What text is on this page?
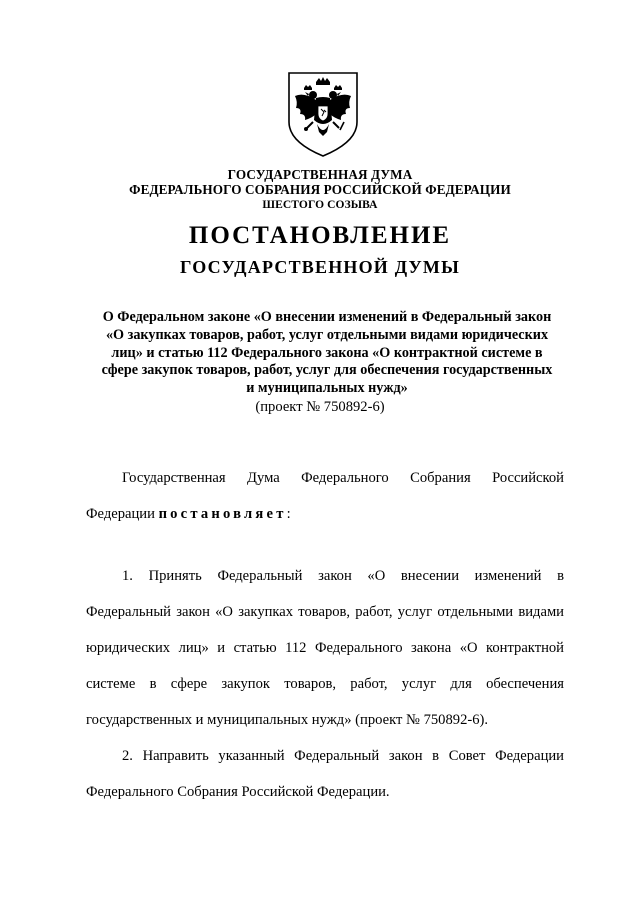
ГОСУДАРСТВЕННАЯ ДУМА
ФЕДЕРАЛЬНОГО СОБРАНИЯ РОССИЙСКОЙ ФЕДЕРАЦИИ
ШЕСТОГО СОЗЫВА
ПОСТАНОВЛЕНИЕ
ГОСУДАРСТВЕННОЙ ДУМЫ
О Федеральном законе «О внесении изменений в Федеральный закон
«О закупках товаров, работ, услуг отдельными видами юридических
лиц» и статью 112 Федерального закона «О контрактной системе в
сфере закупок товаров, работ, услуг для обеспечения государственных
и муниципальных нужд»
(проект № 750892-6)
Государственная Дума Федерального Собрания Российской
Федерации постановляет:
1. Принять Федеральный закон «О внесении изменений в
Федеральный закон «О закупках товаров, работ, услуг отдельными видами
юридических лиц» и статью 112 Федерального закона «О контрактной
системе в сфере закупок товаров, работ, услуг для обеспечения
государственных и муниципальных нужд» (проект № 750892-6).
2. Направить указанный Федеральный закон в Совет Федерации
Федерального Собрания Российской Федерации.
